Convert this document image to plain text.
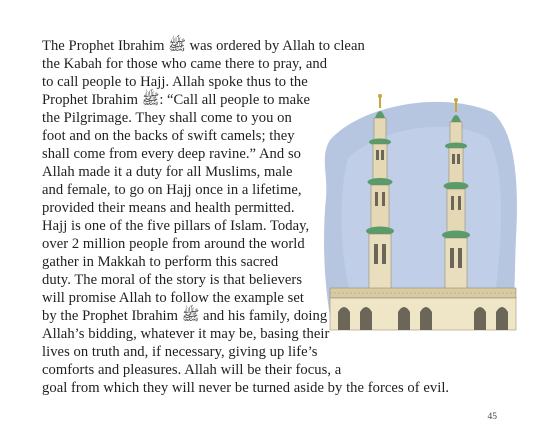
The Prophet Ibrahim ﷺ was ordered by Allah to clean
the Kabah for those who came there to pray, and
to call people to Hajj. Allah spoke thus to the
Prophet Ibrahim ﷺ: “Call all people to make
the Pilgrimage. They shall come to you on
foot and on the backs of swift camels; they
shall come from every deep ravine.” And so
Allah made it a duty for all Muslims, male
and female, to go on Hajj once in a lifetime,
provided their means and health permitted.
Hajj is one of the five pillars of Islam. Today,
over 2 million people from around the world
gather in Makkah to perform this sacred
duty. The moral of the story is that believers
will promise Allah to follow the example set
by the Prophet Ibrahim ﷺ and his family, doing
Allah’s bidding, whatever it may be, basing their
lives on truth and, if necessary, giving up life’s
comforts and pleasures. Allah will be their focus, a
goal from which they will never be turned aside by the forces of evil.
45
